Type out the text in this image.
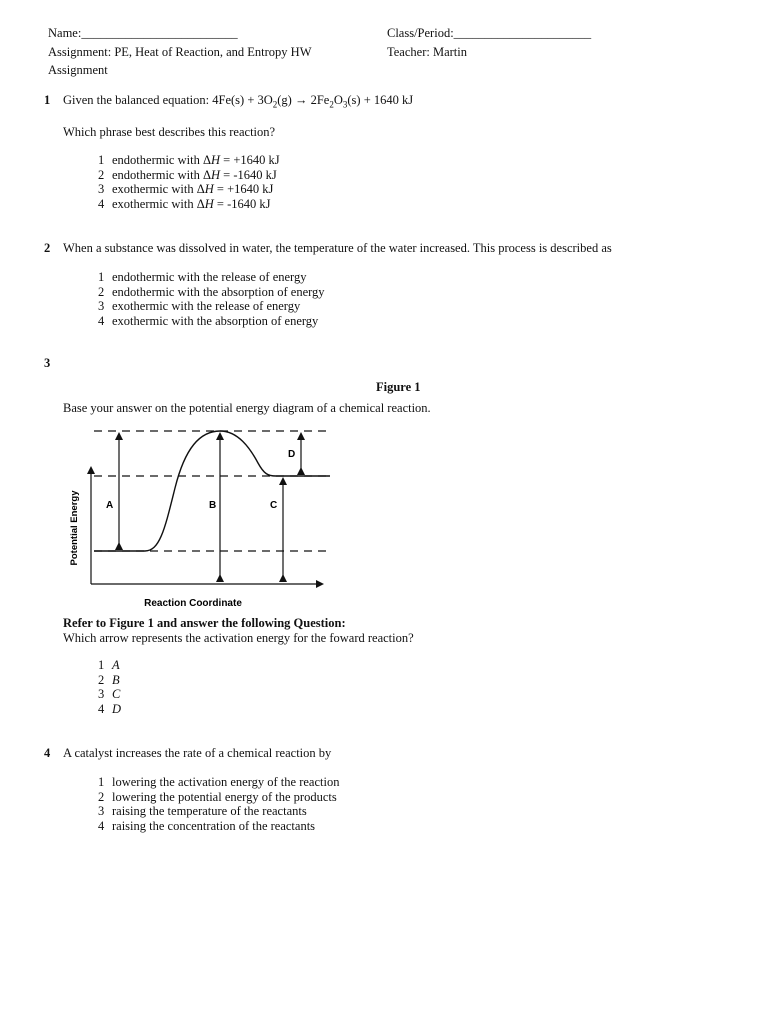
Name:_________________________	Class/Period:______________________
Assignment: PE, Heat of Reaction, and Entropy HW
Assignment
Teacher: Martin
1 Given the balanced equation: $4Fe(s) + 3O_2(g) \to 2Fe_2O_3(s) + 1640$ kJ
Which phrase best describes this reaction?
1 endothermic with ΔH = +1640 kJ
2 endothermic with ΔH = -1640 kJ
3 exothermic with ΔH = +1640 kJ
4 exothermic with ΔH = -1640 kJ
2 When a substance was dissolved in water, the temperature of the water increased. This process is described as
1 endothermic with the release of energy
2 endothermic with the absorption of energy
3 exothermic with the release of energy
4 exothermic with the absorption of energy
3
Figure 1
Base your answer on the potential energy diagram of a chemical reaction.
A	B	C
D
Potential Energy
Reaction Coordinate
Refer to Figure 1 and answer the following Question:
Which arrow represents the activation energy for the foward reaction?
1 A
2 B
3 C
4 D
4 A catalyst increases the rate of a chemical reaction by
1 lowering the activation energy of the reaction
2 lowering the potential energy of the products
3 raising the temperature of the reactants
4 raising the concentration of the reactants
